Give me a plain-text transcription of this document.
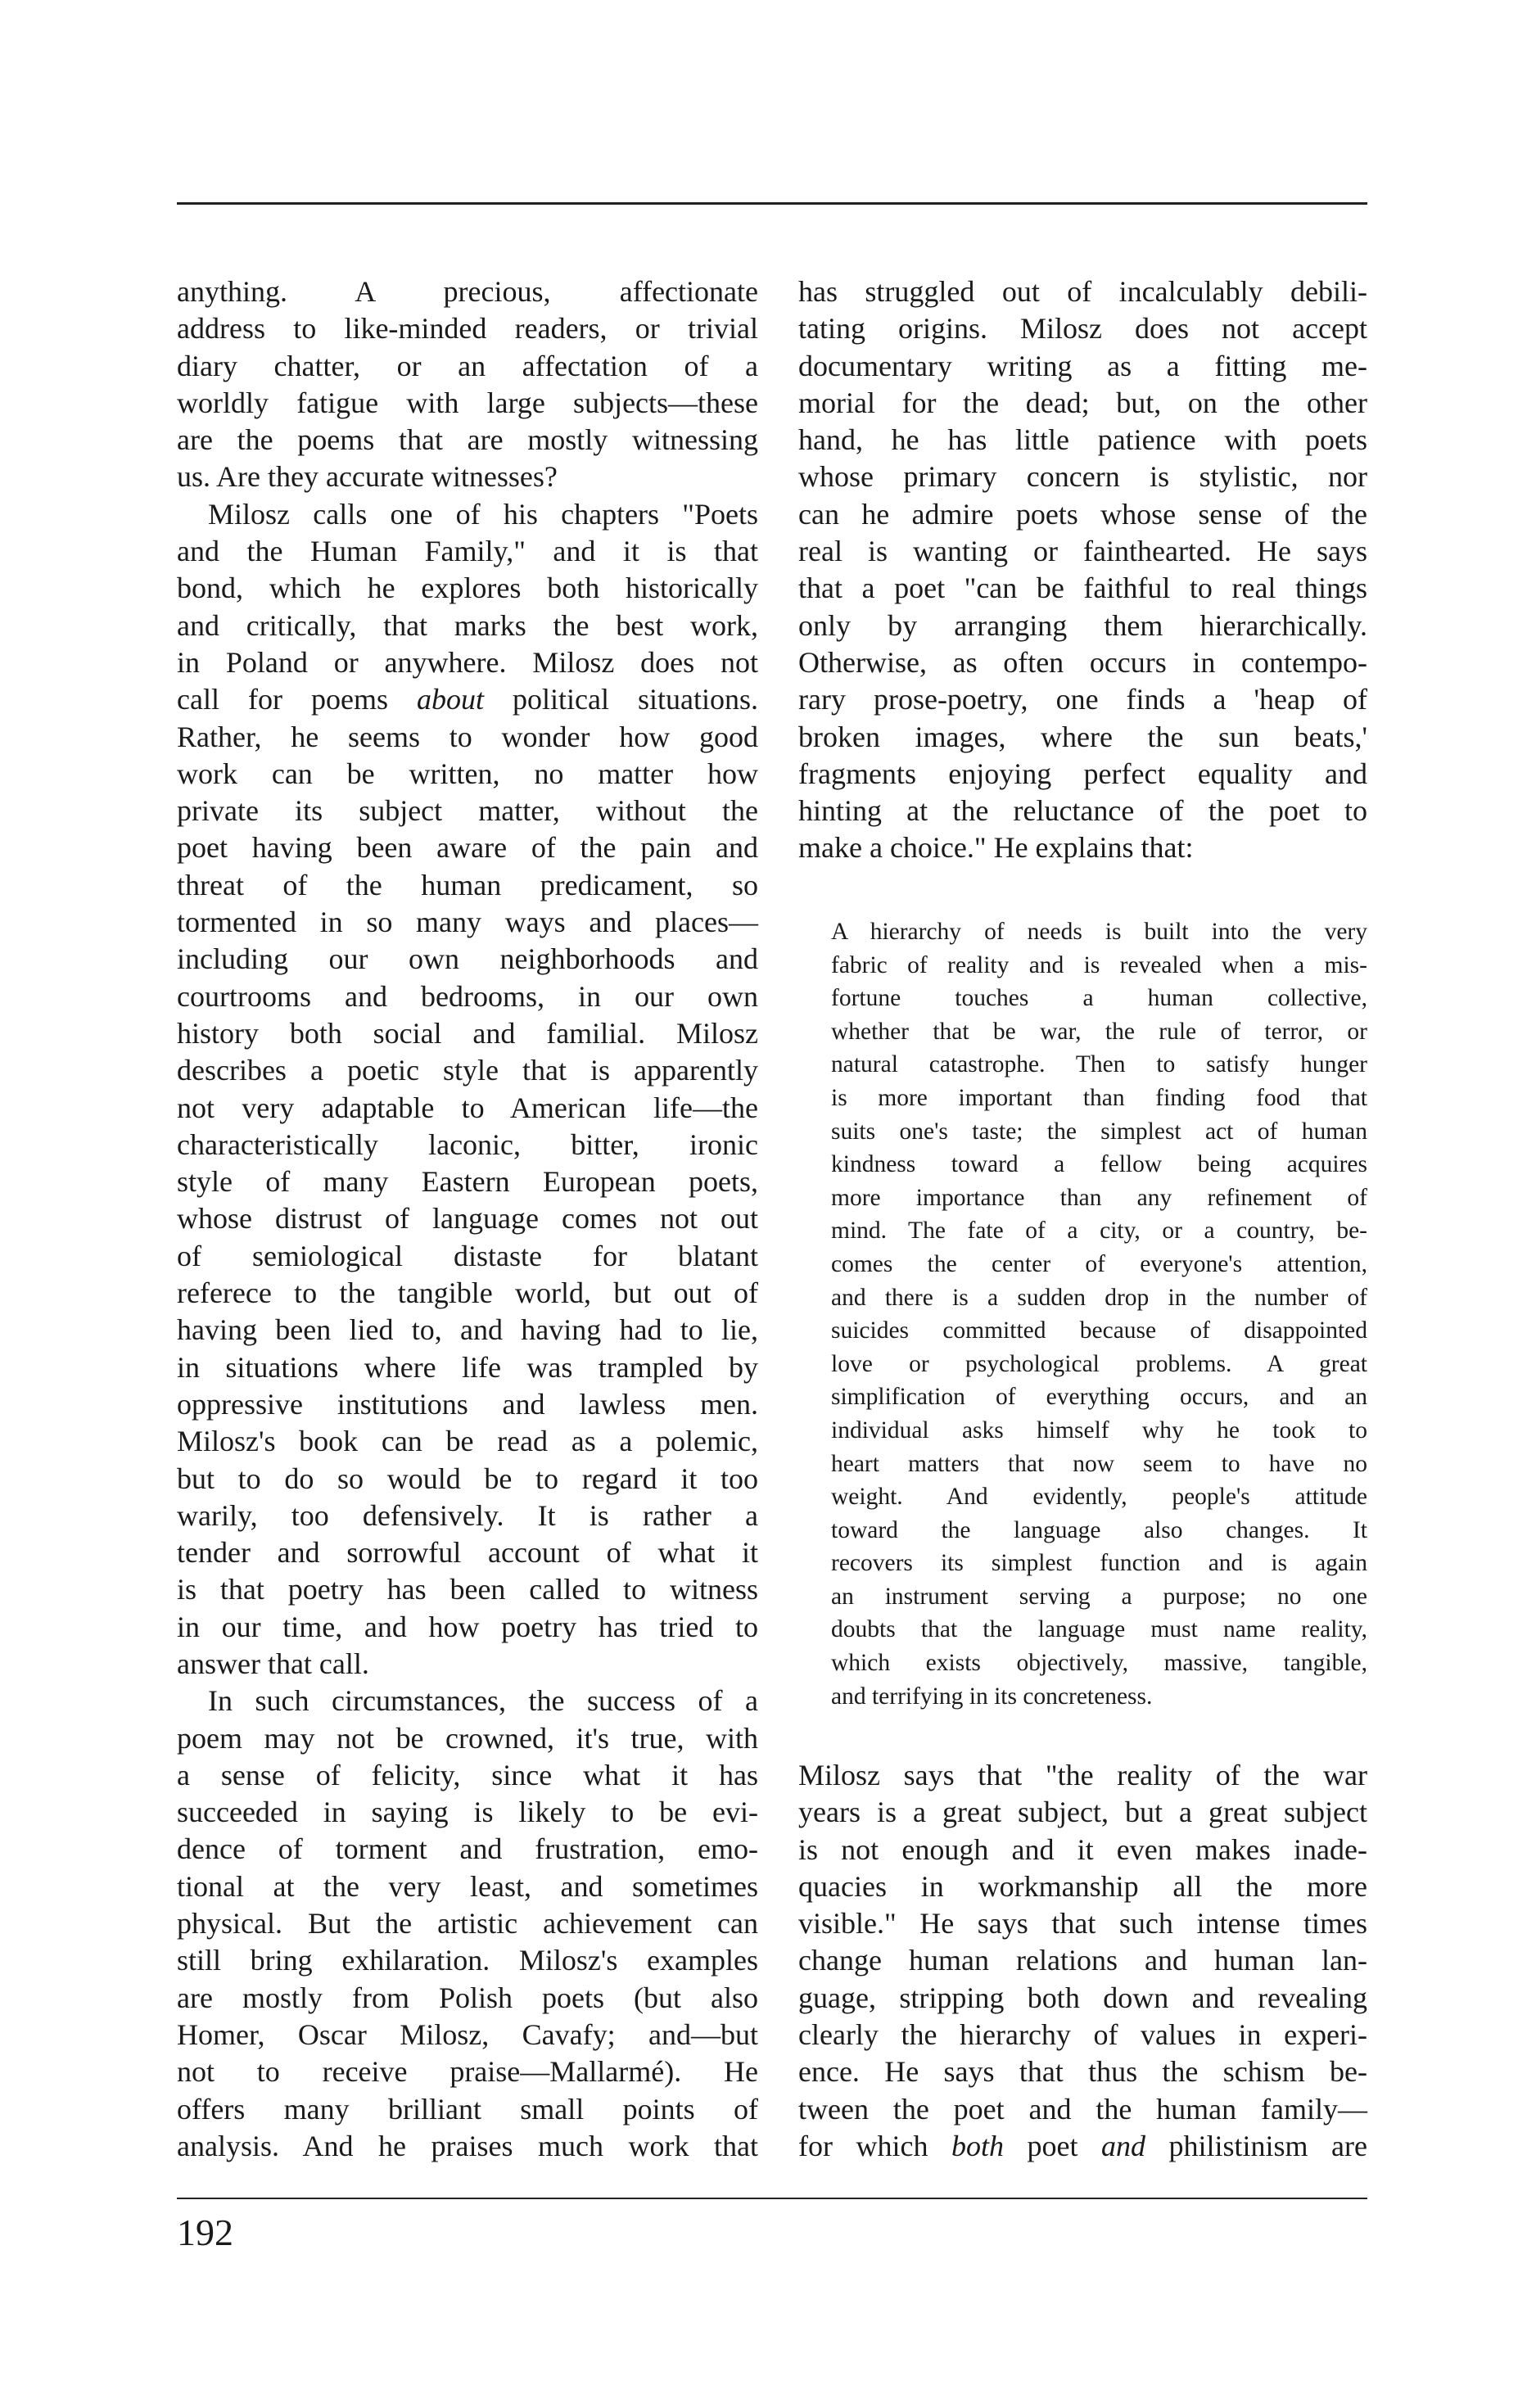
anything. A precious, affectionate
address to like-minded readers, or trivial
diary chatter, or an affectation of a
worldly fatigue with large subjects—these
are the poems that are mostly witnessing
us. Are they accurate witnesses?
Milosz calls one of his chapters "Poets
and the Human Family," and it is that
bond, which he explores both historically
and critically, that marks the best work,
in Poland or anywhere. Milosz does not
call for poems about political situations.
Rather, he seems to wonder how good
work can be written, no matter how
private its subject matter, without the
poet having been aware of the pain and
threat of the human predicament, so
tormented in so many ways and places—
including our own neighborhoods and
courtrooms and bedrooms, in our own
history both social and familial. Milosz
describes a poetic style that is apparently
not very adaptable to American life—the
characteristically laconic, bitter, ironic
style of many Eastern European poets,
whose distrust of language comes not out
of semiological distaste for blatant
referece to the tangible world, but out of
having been lied to, and having had to lie,
in situations where life was trampled by
oppressive institutions and lawless men.
Milosz's book can be read as a polemic,
but to do so would be to regard it too
warily, too defensively. It is rather a
tender and sorrowful account of what it
is that poetry has been called to witness
in our time, and how poetry has tried to
answer that call.
In such circumstances, the success of a
poem may not be crowned, it's true, with
a sense of felicity, since what it has
succeeded in saying is likely to be evi-
dence of torment and frustration, emo-
tional at the very least, and sometimes
physical. But the artistic achievement can
still bring exhilaration. Milosz's examples
are mostly from Polish poets (but also
Homer, Oscar Milosz, Cavafy; and—but
not to receive praise—Mallarmé). He
offers many brilliant small points of
analysis. And he praises much work that
has struggled out of incalculably debili-
tating origins. Milosz does not accept
documentary writing as a fitting me-
morial for the dead; but, on the other
hand, he has little patience with poets
whose primary concern is stylistic, nor
can he admire poets whose sense of the
real is wanting or fainthearted. He says
that a poet "can be faithful to real things
only by arranging them hierarchically.
Otherwise, as often occurs in contempo-
rary prose-poetry, one finds a 'heap of
broken images, where the sun beats,'
fragments enjoying perfect equality and
hinting at the reluctance of the poet to
make a choice." He explains that:
A hierarchy of needs is built into the very
fabric of reality and is revealed when a mis-
fortune touches a human collective,
whether that be war, the rule of terror, or
natural catastrophe. Then to satisfy hunger
is more important than finding food that
suits one's taste; the simplest act of human
kindness toward a fellow being acquires
more importance than any refinement of
mind. The fate of a city, or a country, be-
comes the center of everyone's attention,
and there is a sudden drop in the number of
suicides committed because of disappointed
love or psychological problems. A great
simplification of everything occurs, and an
individual asks himself why he took to
heart matters that now seem to have no
weight. And evidently, people's attitude
toward the language also changes. It
recovers its simplest function and is again
an instrument serving a purpose; no one
doubts that the language must name reality,
which exists objectively, massive, tangible,
and terrifying in its concreteness.
Milosz says that "the reality of the war
years is a great subject, but a great subject
is not enough and it even makes inade-
quacies in workmanship all the more
visible." He says that such intense times
change human relations and human lan-
guage, stripping both down and revealing
clearly the hierarchy of values in experi-
ence. He says that thus the schism be-
tween the poet and the human family—
for which both poet and philistinism are
192
